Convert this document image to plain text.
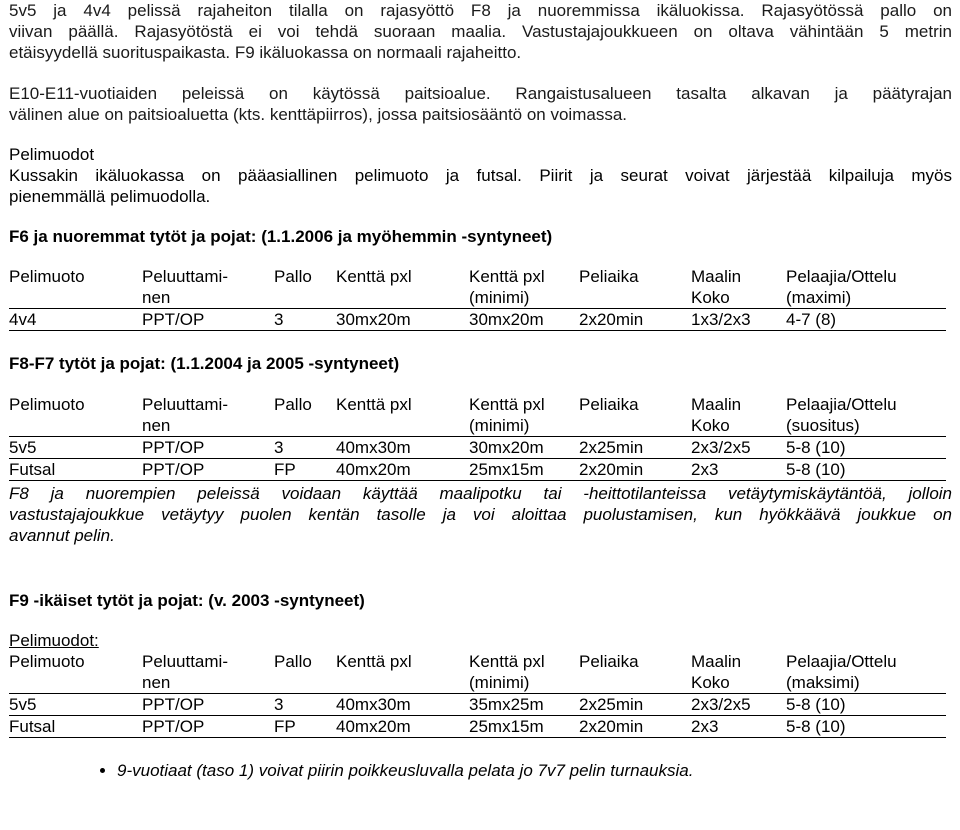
5v5 ja 4v4 pelissä rajaheiton tilalla on rajasyöttö F8 ja nuoremmissa ikäluokissa. Rajasyötössä pallo on

viivan päällä. Rajasyötöstä ei voi tehdä suoraan maalia. Vastustajajoukkueen on oltava vähintään 5 metrin

etäisyydellä suorituspaikasta. F9 ikäluokassa on normaali rajaheitto.

E10-E11-vuotiaiden peleissä on käytössä paitsioalue. Rangaistusalueen tasalta alkavan ja päätyrajan

välinen alue on paitsioaluetta (kts. kenttäpiirros), jossa paitsiosääntö on voimassa.

Pelimuodot

Kussakin ikäluokassa on pääasiallinen pelimuoto ja futsal. Piirit ja seurat voivat järjestää kilpailuja myös

pienemmällä pelimuodolla.

F6 ja nuoremmat tytöt ja pojat: (1.1.2006 ja myöhemmin -syntyneet)

Pelimuoto	Peluuttami-	Pallo	Kenttä pxl	Kenttä pxl	Peliaika	Maalin	Pelaajia/Ottelu
	nen			(minimi)		Koko	(maximi)
4v4	PPT/OP	3	30mx20m	30mx20m	2x20min	1x3/2x3	4-7 (8)

F8-F7 tytöt ja pojat: (1.1.2004 ja 2005 -syntyneet)

Pelimuoto	Peluuttami-	Pallo	Kenttä pxl	Kenttä pxl	Peliaika	Maalin	Pelaajia/Ottelu
	nen			(minimi)		Koko	(suositus)
5v5	PPT/OP	3	40mx30m	30mx20m	2x25min	2x3/2x5	5-8 (10)
Futsal	PPT/OP	FP	40mx20m	25mx15m	2x20min	2x3	5-8 (10)

F8 ja nuorempien peleissä voidaan käyttää maalipotku tai -heittotilanteissa vetäytymiskäytäntöä, jolloin

vastustajajoukkue vetäytyy puolen kentän tasolle ja voi aloittaa puolustamisen, kun hyökkäävä joukkue on

avannut pelin.

F9 -ikäiset tytöt ja pojat: (v. 2003 -syntyneet)

Pelimuodot:

Pelimuoto	Peluuttami-	Pallo	Kenttä pxl	Kenttä pxl	Peliaika	Maalin	Pelaajia/Ottelu
	nen			(minimi)		Koko	(maksimi)
5v5	PPT/OP	3	40mx30m	35mx25m	2x25min	2x3/2x5	5-8 (10)
Futsal	PPT/OP	FP	40mx20m	25mx15m	2x20min	2x3	5-8 (10)
• 9-vuotiaat (taso 1) voivat piirin poikkeusluvalla pelata jo 7v7 pelin turnauksia.
